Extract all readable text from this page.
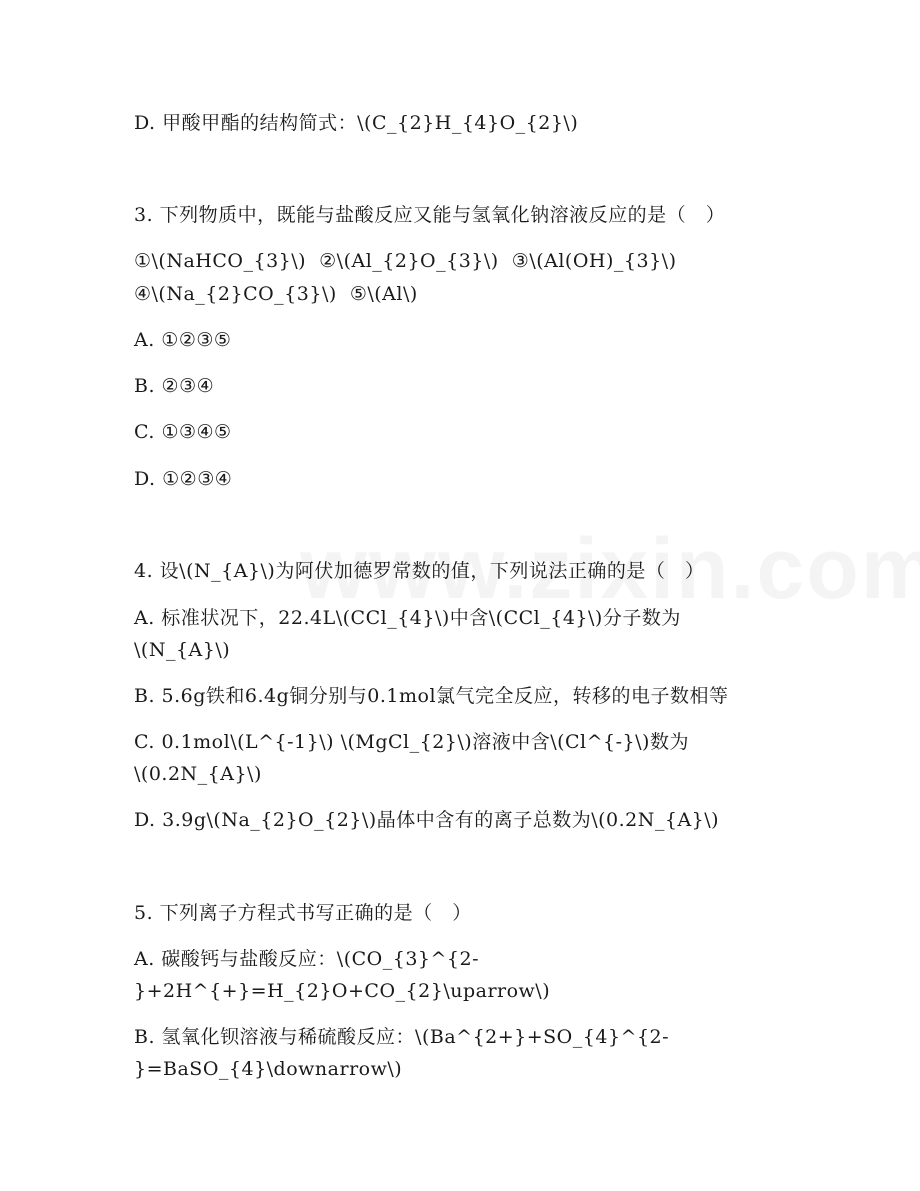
D. 甲酸甲酯的结构简式：\(C_{2}H_{4}O_{2}\)
3. 下列物质中，既能与盐酸反应又能与氢氧化钠溶液反应的是（   ）
①\(NaHCO_{3}\)  ②\(Al_{2}O_{3}\)  ③\(Al(OH)_{3}\)
④\(Na_{2}CO_{3}\)  ⑤\(Al\)
A. ①②③⑤
B. ②③④
C. ①③④⑤
D. ①②③④
4. 设\(N_{A}\)为阿伏加德罗常数的值，下列说法正确的是（   ）
A. 标准状况下，22.4L\(CCl_{4}\)中含\(CCl_{4}\)分子数为
\(N_{A}\)
B. 5.6g铁和6.4g铜分别与0.1mol氯气完全反应，转移的电子数相等
C. 0.1mol\(L^{-1}\) \(MgCl_{2}\)溶液中含\(Cl^{-}\)数为
\(0.2N_{A}\)
D. 3.9g\(Na_{2}O_{2}\)晶体中含有的离子总数为\(0.2N_{A}\)
5. 下列离子方程式书写正确的是（   ）
A. 碳酸钙与盐酸反应：\(CO_{3}^{2-
}+2H^{+}=H_{2}O+CO_{2}\uparrow\)
B. 氢氧化钡溶液与稀硫酸反应：\(Ba^{2+}+SO_{4}^{2-
}=BaSO_{4}\downarrow\)
